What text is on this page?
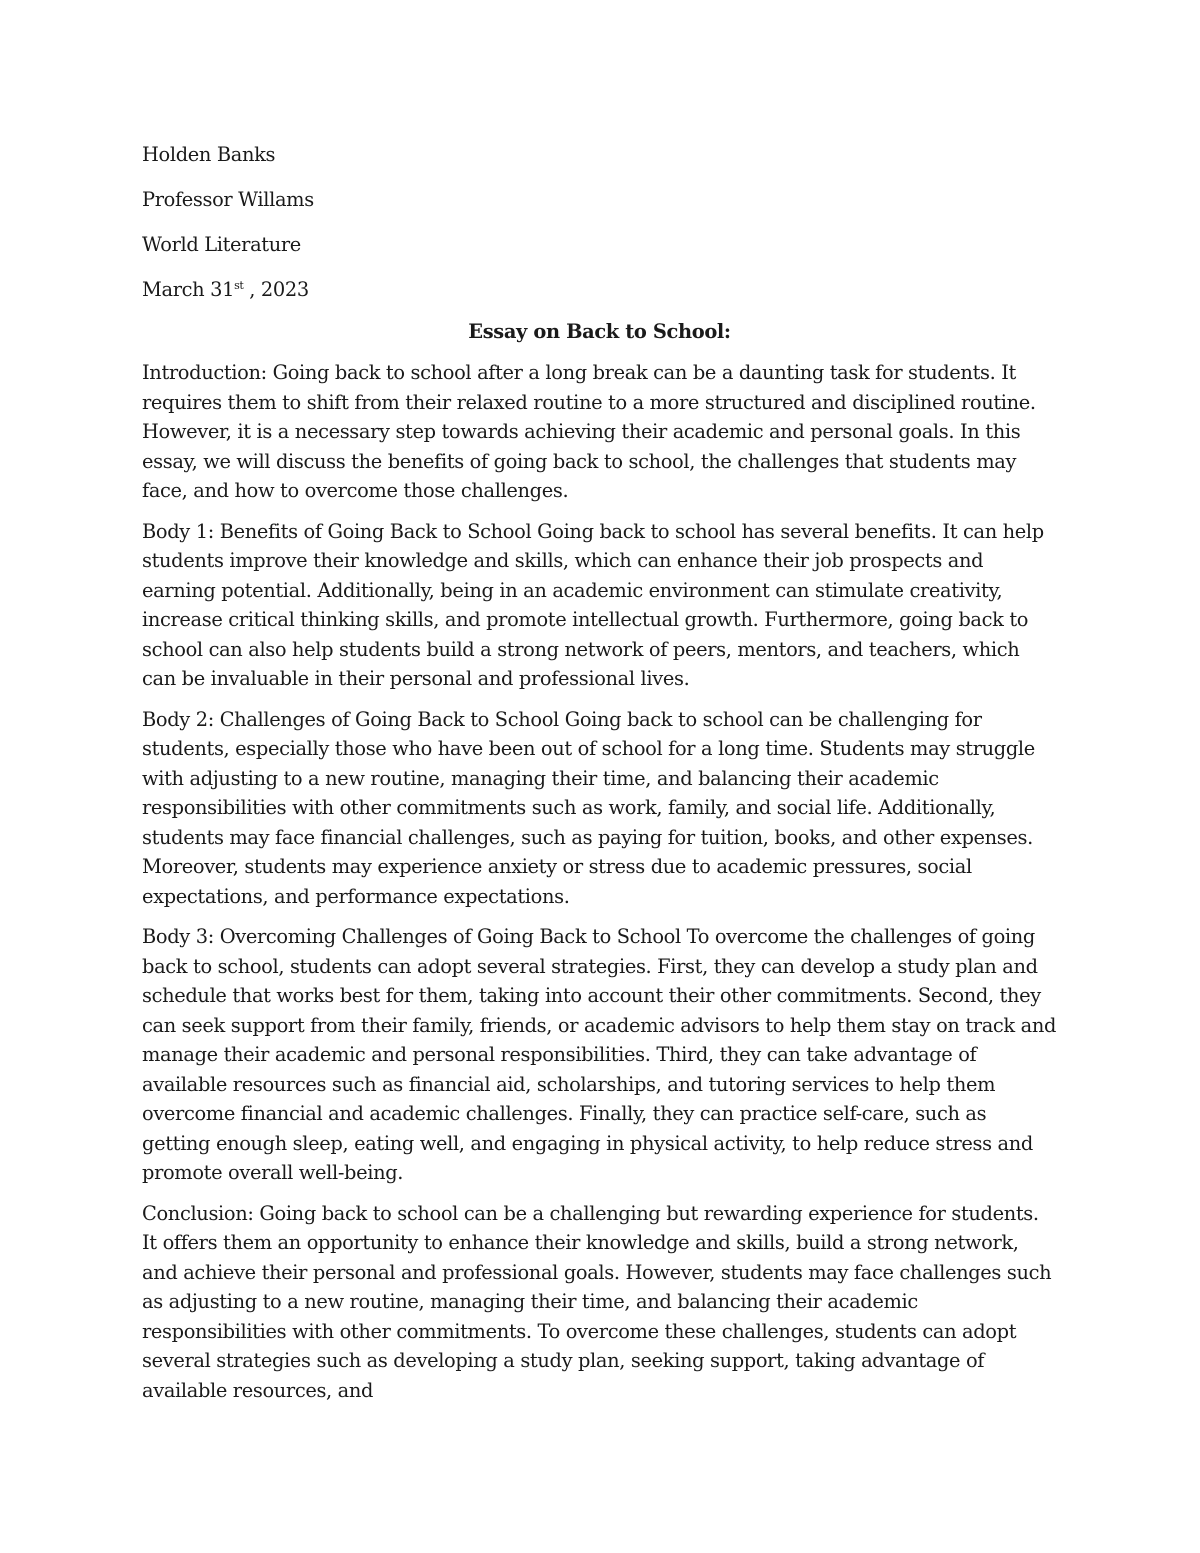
Holden Banks
Professor Willams
World Literature
March 31st , 2023
Essay on Back to School:

Introduction: Going back to school after a long break can be a daunting task for students. It requires them to shift from their relaxed routine to a more structured and disciplined routine. However, it is a necessary step towards achieving their academic and personal goals. In this essay, we will discuss the benefits of going back to school, the challenges that students may face, and how to overcome those challenges.

Body 1: Benefits of Going Back to School Going back to school has several benefits. It can help students improve their knowledge and skills, which can enhance their job prospects and earning potential. Additionally, being in an academic environment can stimulate creativity, increase critical thinking skills, and promote intellectual growth. Furthermore, going back to school can also help students build a strong network of peers, mentors, and teachers, which can be invaluable in their personal and professional lives.

Body 2: Challenges of Going Back to School Going back to school can be challenging for students, especially those who have been out of school for a long time. Students may struggle with adjusting to a new routine, managing their time, and balancing their academic responsibilities with other commitments such as work, family, and social life. Additionally, students may face financial challenges, such as paying for tuition, books, and other expenses. Moreover, students may experience anxiety or stress due to academic pressures, social expectations, and performance expectations.

Body 3: Overcoming Challenges of Going Back to School To overcome the challenges of going back to school, students can adopt several strategies. First, they can develop a study plan and schedule that works best for them, taking into account their other commitments. Second, they can seek support from their family, friends, or academic advisors to help them stay on track and manage their academic and personal responsibilities. Third, they can take advantage of available resources such as financial aid, scholarships, and tutoring services to help them overcome financial and academic challenges. Finally, they can practice self-care, such as getting enough sleep, eating well, and engaging in physical activity, to help reduce stress and promote overall well-being.

Conclusion: Going back to school can be a challenging but rewarding experience for students. It offers them an opportunity to enhance their knowledge and skills, build a strong network, and achieve their personal and professional goals. However, students may face challenges such as adjusting to a new routine, managing their time, and balancing their academic responsibilities with other commitments. To overcome these challenges, students can adopt several strategies such as developing a study plan, seeking support, taking advantage of available resources, and
